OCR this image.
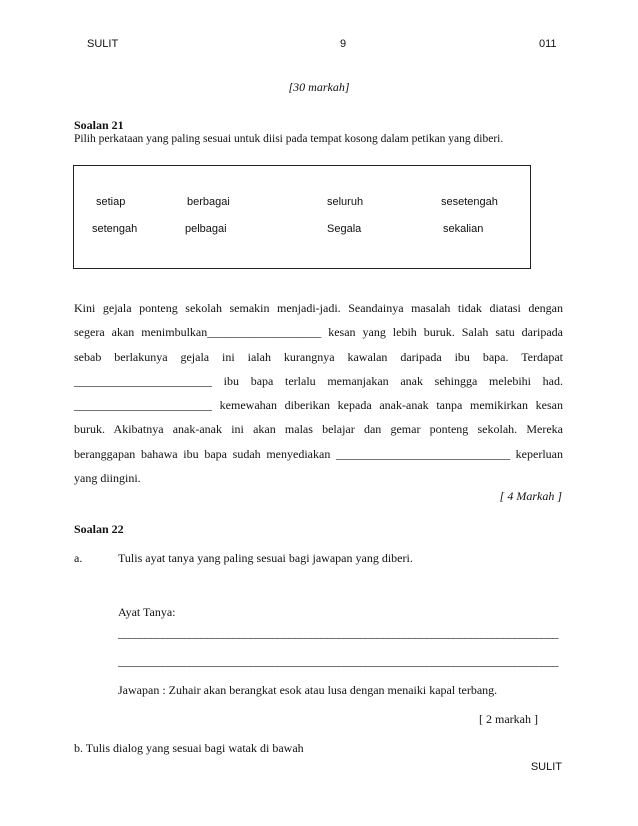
SULIT	9	011
[30 markah]
Soalan 21
Pilih perkataan yang paling sesuai untuk diisi pada tempat kosong dalam petikan yang diberi.
setiap	berbagai	seluruh	sesetengah
setengah	pelbagai	Segala	sekalian
Kini gejala ponteng sekolah semakin menjadi-jadi. Seandainya masalah tidak diatasi dengan
segera akan menimbulkan___________________ kesan yang lebih buruk. Salah satu daripada
sebab berlakunya gejala ini ialah kurangnya kawalan daripada ibu bapa. Terdapat
_______________________ ibu bapa terlalu memanjakan anak sehingga melebihi had.
_______________________ kemewahan diberikan kepada anak-anak tanpa memikirkan kesan
buruk. Akibatnya anak-anak ini akan malas belajar dan gemar ponteng sekolah. Mereka
beranggapan bahawa ibu bapa sudah menyediakan _____________________________ keperluan
yang diingini.
[ 4 Markah ]
Soalan 22
a.	Tulis ayat tanya yang paling sesuai bagi jawapan yang diberi.
Ayat Tanya:
________________________________________________________________________________
________________________________________________________________________________
Jawapan : Zuhair akan berangkat esok atau lusa dengan menaiki kapal terbang.
[ 2 markah ]
b. Tulis dialog yang sesuai bagi watak di bawah
SULIT
